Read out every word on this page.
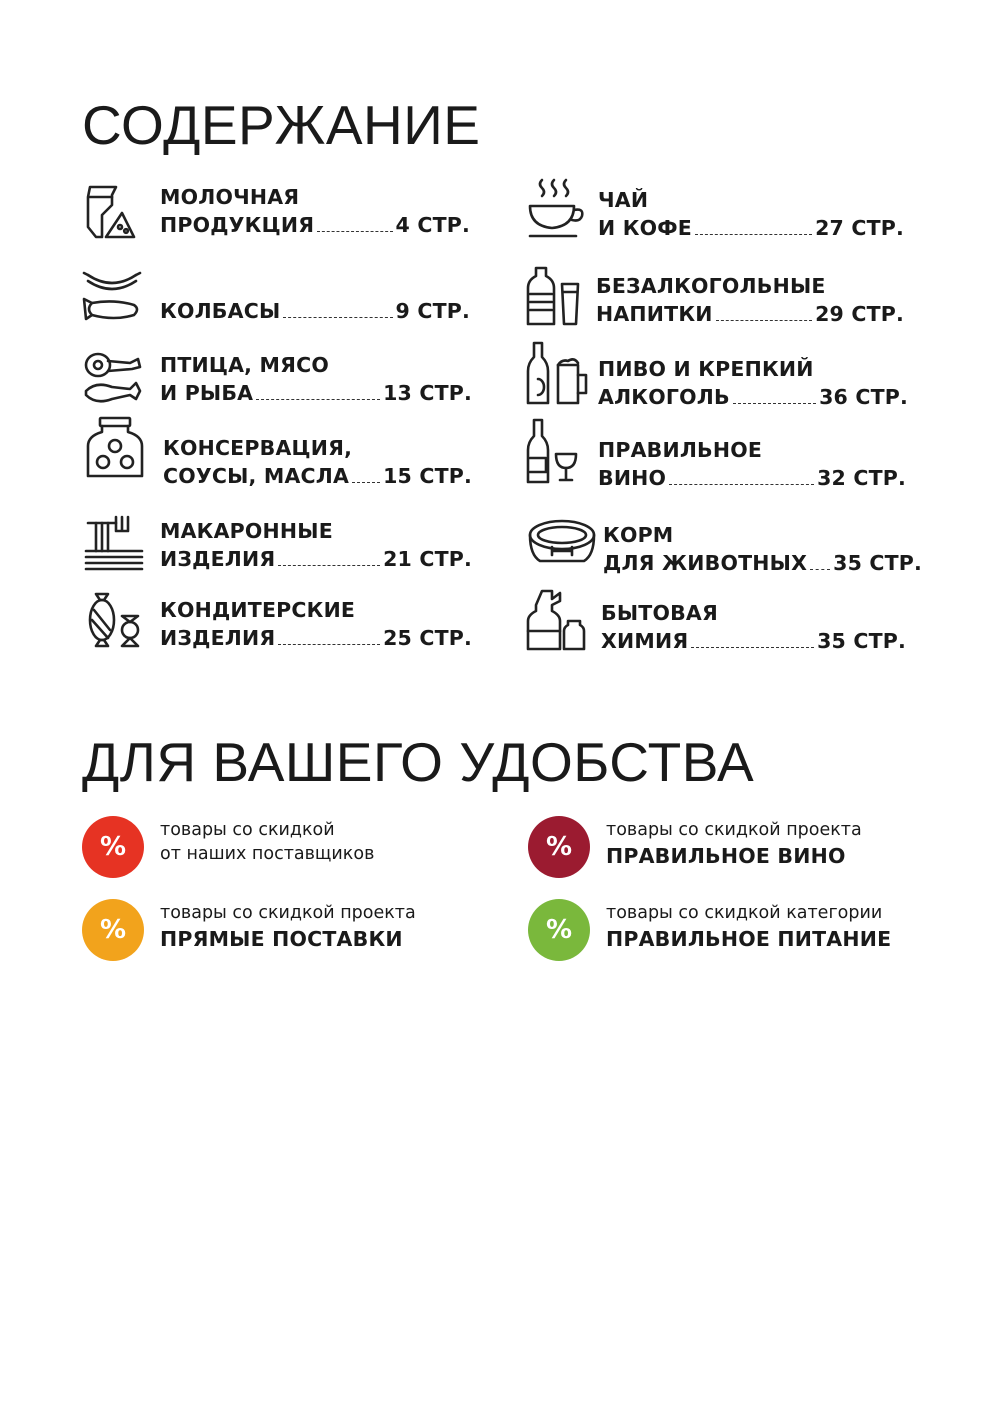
СОДЕРЖАНИЕ
МОЛОЧНАЯ
ПРОДУКЦИЯ	4 СТР.
КОЛБАСЫ	9 СТР.
ПТИЦА, МЯСО
И РЫБА	13 СТР.
КОНСЕРВАЦИЯ,
СОУСЫ, МАСЛА 15 СТР.
МАКАРОННЫЕ
ИЗДЕЛИЯ	21 СТР.
КОНДИТЕРСКИЕ
ИЗДЕЛИЯ	25 СТР.
ЧАЙ
И КОФЕ	27 СТР.
БЕЗАЛКОГОЛЬНЫЕ
НАПИТКИ	29 СТР.
ПИВО И КРЕПКИЙ
АЛКОГОЛЬ	36 СТР.
ПРАВИЛЬНОЕ
ВИНО	32 СТР.
КОРМ
ДЛЯ ЖИВОТНЫХ 35 СТР.
БЫТОВАЯ
ХИМИЯ	35 СТР.
ДЛЯ ВАШЕГО УДОБСТВА
%
товары со скидкой
от наших поставщиков	%
товары со скидкой проекта
ПРАВИЛЬНОЕ ВИНО
%
товары со скидкой проекта
ПРЯМЫЕ ПОСТАВКИ	%
товары со скидкой категории
ПРАВИЛЬНОЕ ПИТАНИЕ
